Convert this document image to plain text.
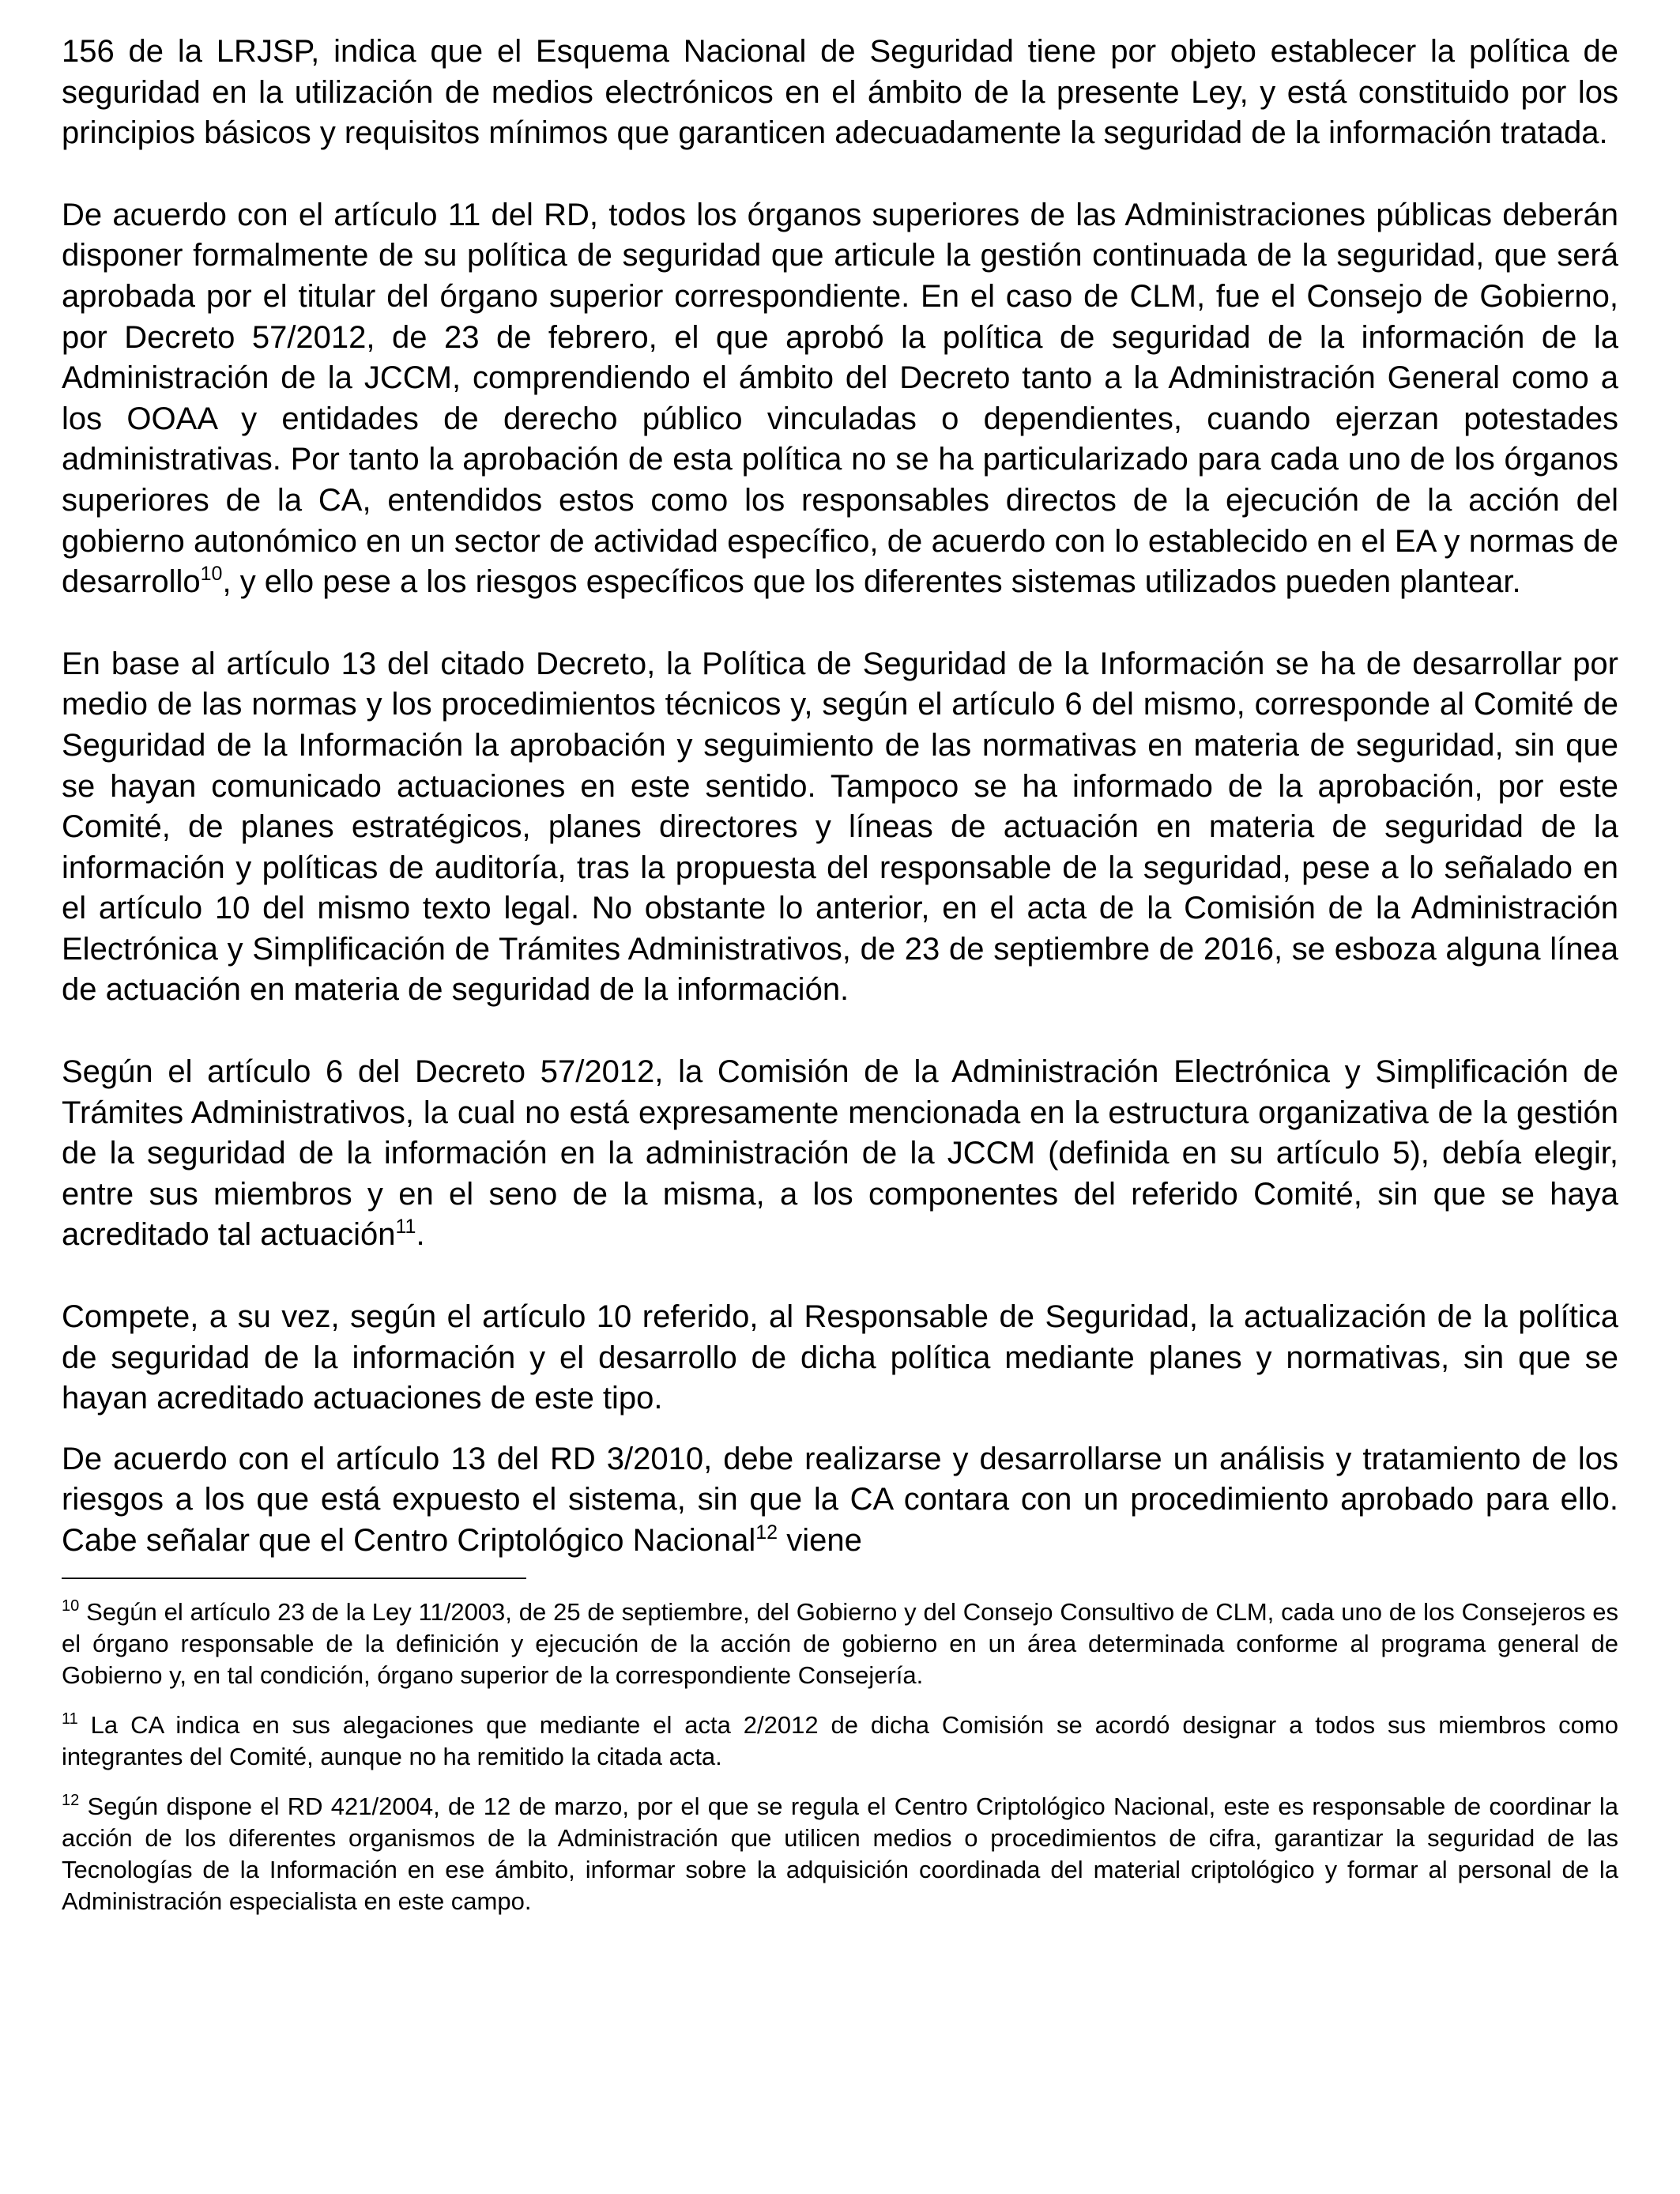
156 de la LRJSP, indica que el Esquema Nacional de Seguridad tiene por objeto establecer la política de seguridad en la utilización de medios electrónicos en el ámbito de la presente Ley, y está constituido por los principios básicos y requisitos mínimos que garanticen adecuadamente la seguridad de la información tratada.

De acuerdo con el artículo 11 del RD, todos los órganos superiores de las Administraciones públicas deberán disponer formalmente de su política de seguridad que articule la gestión continuada de la seguridad, que será aprobada por el titular del órgano superior correspondiente. En el caso de CLM, fue el Consejo de Gobierno, por Decreto 57/2012, de 23 de febrero, el que aprobó la política de seguridad de la información de la Administración de la JCCM, comprendiendo el ámbito del Decreto tanto a la Administración General como a los OOAA y entidades de derecho público vinculadas o dependientes, cuando ejerzan potestades administrativas. Por tanto la aprobación de esta política no se ha particularizado para cada uno de los órganos superiores de la CA, entendidos estos como los responsables directos de la ejecución de la acción del gobierno autonómico en un sector de actividad específico, de acuerdo con lo establecido en el EA y normas de desarrollo$^{10}$, y ello pese a los riesgos específicos que los diferentes sistemas utilizados pueden plantear.

En base al artículo 13 del citado Decreto, la Política de Seguridad de la Información se ha de desarrollar por medio de las normas y los procedimientos técnicos y, según el artículo 6 del mismo, corresponde al Comité de Seguridad de la Información la aprobación y seguimiento de las normativas en materia de seguridad, sin que se hayan comunicado actuaciones en este sentido. Tampoco se ha informado de la aprobación, por este Comité, de planes estratégicos, planes directores y líneas de actuación en materia de seguridad de la información y políticas de auditoría, tras la propuesta del responsable de la seguridad, pese a lo señalado en el artículo 10 del mismo texto legal. No obstante lo anterior, en el acta de la Comisión de la Administración Electrónica y Simplificación de Trámites Administrativos, de 23 de septiembre de 2016, se esboza alguna línea de actuación en materia de seguridad de la información.

Según el artículo 6 del Decreto 57/2012, la Comisión de la Administración Electrónica y Simplificación de Trámites Administrativos, la cual no está expresamente mencionada en la estructura organizativa de la gestión de la seguridad de la información en la administración de la JCCM (definida en su artículo 5), debía elegir, entre sus miembros y en el seno de la misma, a los componentes del referido Comité, sin que se haya acreditado tal actuación$^{11}$.

Compete, a su vez, según el artículo 10 referido, al Responsable de Seguridad, la actualización de la política de seguridad de la información y el desarrollo de dicha política mediante planes y normativas, sin que se hayan acreditado actuaciones de este tipo.

De acuerdo con el artículo 13 del RD 3/2010, debe realizarse y desarrollarse un análisis y tratamiento de los riesgos a los que está expuesto el sistema, sin que la CA contara con un procedimiento aprobado para ello. Cabe señalar que el Centro Criptológico Nacional$^{12}$ viene

$^{10}$ Según el artículo 23 de la Ley 11/2003, de 25 de septiembre, del Gobierno y del Consejo Consultivo de CLM, cada uno de los Consejeros es el órgano responsable de la definición y ejecución de la acción de gobierno en un área determinada conforme al programa general de Gobierno y, en tal condición, órgano superior de la correspondiente Consejería.

$^{11}$ La CA indica en sus alegaciones que mediante el acta 2/2012 de dicha Comisión se acordó designar a todos sus miembros como integrantes del Comité, aunque no ha remitido la citada acta.

$^{12}$ Según dispone el RD 421/2004, de 12 de marzo, por el que se regula el Centro Criptológico Nacional, este es responsable de coordinar la acción de los diferentes organismos de la Administración que utilicen medios o procedimientos de cifra, garantizar la seguridad de las Tecnologías de la Información en ese ámbito, informar sobre la adquisición coordinada del material criptológico y formar al personal de la Administración especialista en este campo.
